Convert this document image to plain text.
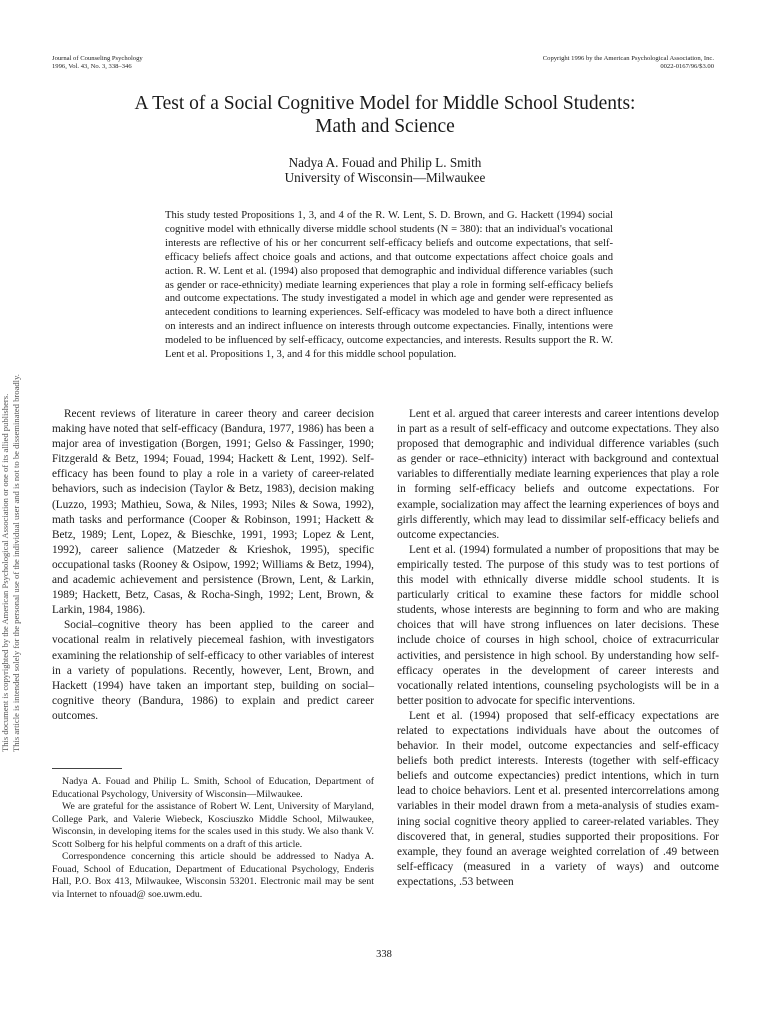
Journal of Counseling Psychology
1996, Vol. 43, No. 3, 338–346
Copyright 1996 by the American Psychological Association, Inc.
0022-0167/96/$3.00
A Test of a Social Cognitive Model for Middle School Students:
Math and Science
Nadya A. Fouad and Philip L. Smith
University of Wisconsin—Milwaukee

This study tested Propositions 1, 3, and 4 of the R. W. Lent, S. D. Brown, and G. Hackett (1994) social cognitive model with ethnically diverse middle school students (N = 380): that an individual's vocational interests are reflective of his or her concurrent self-efficacy beliefs and outcome expectations, that self-efficacy beliefs affect choice goals and actions, and that outcome expectations affect choice goals and action. R. W. Lent et al. (1994) also proposed that demographic and individual difference variables (such as gender or race-ethnicity) mediate learning experiences that play a role in forming self-efficacy beliefs and outcome expectations. The study investigated a model in which age and gender were represented as antecedent conditions to learning experiences. Self-efficacy was modeled to have both a direct influence on interests and an indirect influence on interests through outcome expectancies. Finally, intentions were modeled to be influenced by self-efficacy, outcome expectancies, and interests. Results support the R. W. Lent et al. Propositions 1, 3, and 4 for this middle school population.

Recent reviews of literature in career theory and career decision making have noted that self-efficacy (Bandura, 1977, 1986) has been a major area of investigation (Borgen, 1991; Gelso & Fassinger, 1990; Fitzgerald & Betz, 1994; Fouad, 1994; Hackett & Lent, 1992). Self-efficacy has been found to play a role in a variety of career-related behaviors, such as indecision (Taylor & Betz, 1983), decision making (Luzzo, 1993; Mathieu, Sowa, & Niles, 1993; Niles & Sowa, 1992), math tasks and performance (Cooper & Robinson, 1991; Hackett & Betz, 1989; Lent, Lopez, & Bieschke, 1991, 1993; Lopez & Lent, 1992), career salience (Matzeder & Krieshok, 1995), specific occupational tasks (Rooney & Osipow, 1992; Williams & Betz, 1994), and academic achievement and persistence (Brown, Lent, & Larkin, 1989; Hackett, Betz, Casas, & Rocha-Singh, 1992; Lent, Brown, & Larkin, 1984, 1986).

Social–cognitive theory has been applied to the career and vocational realm in relatively piecemeal fashion, with investigators examining the relationship of self-efficacy to other variables of interest in a variety of populations. Recently, however, Lent, Brown, and Hackett (1994) have taken an important step, building on social–cognitive theory (Bandura, 1986) to explain and predict career outcomes.

Nadya A. Fouad and Philip L. Smith, School of Education, Department of Educational Psychology, University of Wisconsin—Milwaukee.

We are grateful for the assistance of Robert W. Lent, University of Maryland, College Park, and Valerie Wiebeck, Kosciuszko Middle School, Milwaukee, Wisconsin, in developing items for the scales used in this study. We also thank V. Scott Solberg for his helpful comments on a draft of this article.

Correspondence concerning this article should be addressed to Nadya A. Fouad, School of Education, Department of Educational Psychology, Enderis Hall, P.O. Box 413, Milwaukee, Wisconsin 53201. Electronic mail may be sent via Internet to nfouad@ soe.uwm.edu.

Lent et al. argued that career interests and career intentions develop in part as a result of self-efficacy and outcome expectations. They also proposed that demographic and individual difference variables (such as gender or race–ethnicity) interact with background and contextual variables to differentially mediate learning experiences that play a role in forming self-efficacy beliefs and outcome expectations. For example, socialization may affect the learning experiences of boys and girls differently, which may lead to dissimilar self-efficacy beliefs and outcome expectancies.

Lent et al. (1994) formulated a number of propositions that may be empirically tested. The purpose of this study was to test portions of this model with ethnically diverse middle school students. It is particularly critical to examine these factors for middle school students, whose interests are beginning to form and who are making choices that will have strong influences on later decisions. These include choice of courses in high school, choice of extracurricular activities, and persistence in high school. By understanding how self-efficacy operates in the development of career interests and vocationally related intentions, counseling psychologists will be in a better position to advocate for specific interventions.

Lent et al. (1994) proposed that self-efficacy expectations are related to expectations individuals have about the outcomes of behavior. In their model, outcome expectancies and self-efficacy beliefs both predict interests. Interests (together with self-efficacy beliefs and outcome expectancies) predict intentions, which in turn lead to choice behaviors. Lent et al. presented intercorrelations among variables in their model drawn from a meta-analysis of studies examining social cognitive theory applied to career-related variables. They discovered that, in general, studies supported their propositions. For example, they found an average weighted correlation of .49 between self-efficacy (measured in a variety of ways) and outcome expectations, .53 between

338
This document is copyrighted by the American Psychological Association or one of its allied publishers. This article is intended solely for the personal use of the individual user and is not to be disseminated broadly.
